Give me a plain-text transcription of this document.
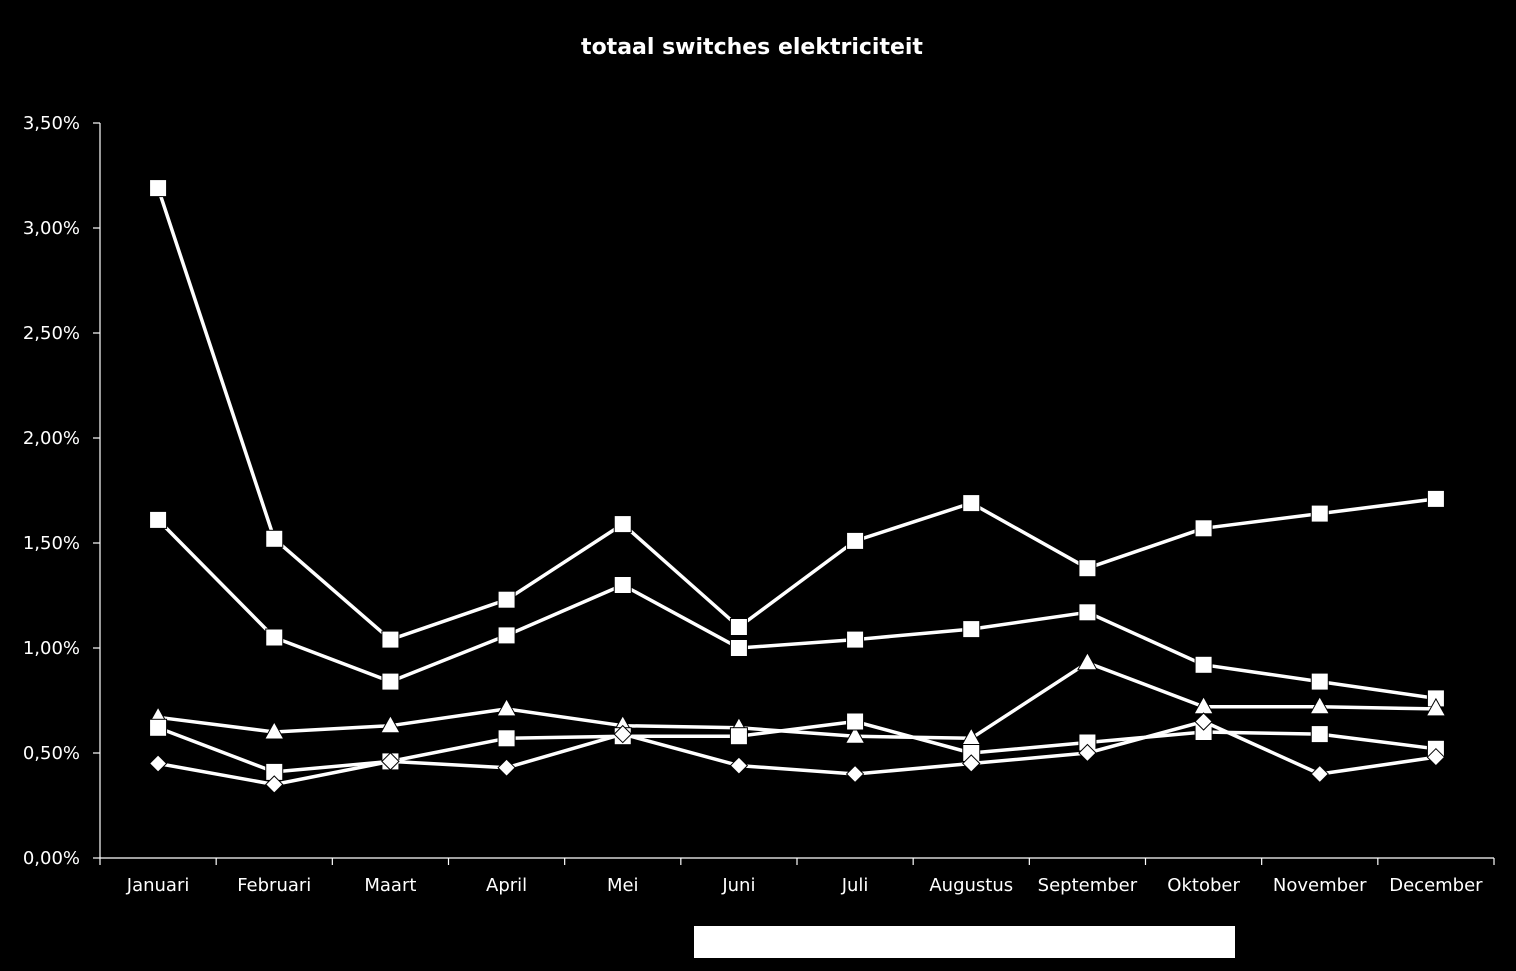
totaal switches elektriciteit
0,00%
0,50%
1,00%
1,50%
2,00%
2,50%
3,00%
3,50%
Januari	Februari	Maart	April	Mei	Juni	Juli	Augustus September Oktober November December
